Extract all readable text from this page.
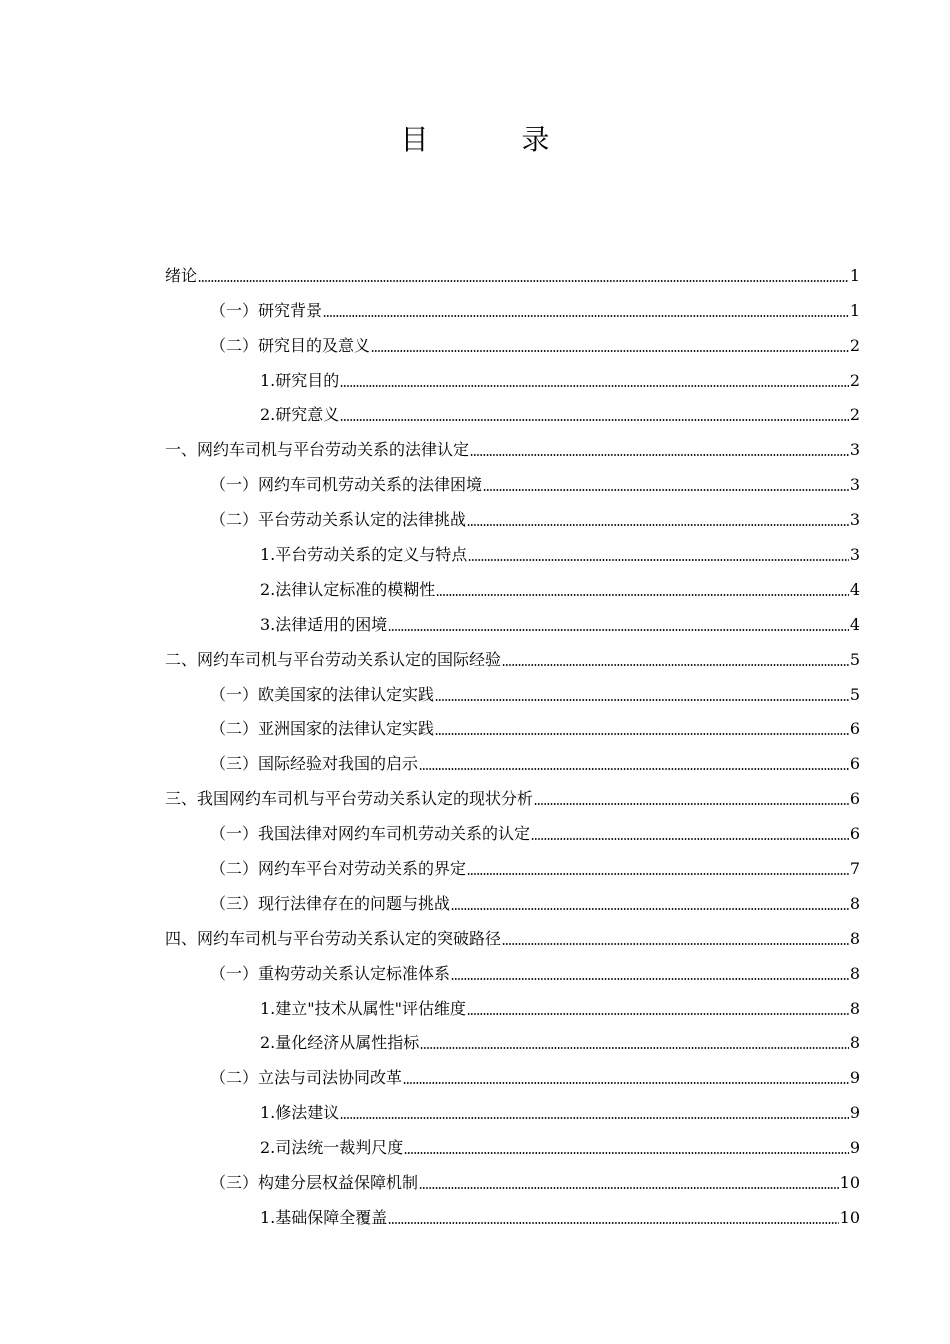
目 录
绪论	1
（一）研究背景	1
（二）研究目的及意义	2
1.研究目的	2
2.研究意义	2
一、网约车司机与平台劳动关系的法律认定	3
（一）网约车司机劳动关系的法律困境	3
（二）平台劳动关系认定的法律挑战	3
1.平台劳动关系的定义与特点	3
2.法律认定标准的模糊性	4
3.法律适用的困境	4
二、网约车司机与平台劳动关系认定的国际经验	5
（一）欧美国家的法律认定实践	5
（二）亚洲国家的法律认定实践	6
（三）国际经验对我国的启示	6
三、我国网约车司机与平台劳动关系认定的现状分析	6
（一）我国法律对网约车司机劳动关系的认定	6
（二）网约车平台对劳动关系的界定	7
（三）现行法律存在的问题与挑战	8
四、网约车司机与平台劳动关系认定的突破路径	8
（一）重构劳动关系认定标准体系	8
1.建立"技术从属性"评估维度	8
2.量化经济从属性指标	8
（二）立法与司法协同改革	9
1.修法建议	9
2.司法统一裁判尺度	9
（三）构建分层权益保障机制	10
1.基础保障全覆盖	10
